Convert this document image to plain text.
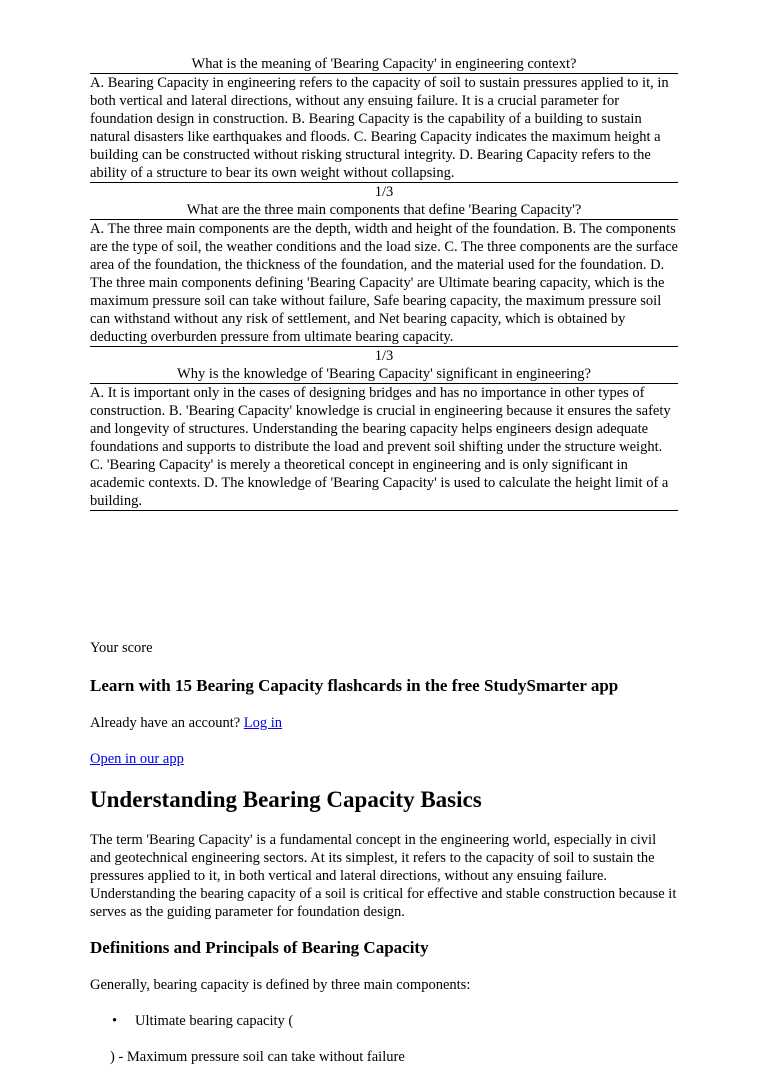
What is the meaning of 'Bearing Capacity' in engineering context?
A. Bearing Capacity in engineering refers to the capacity of soil to sustain pressures applied to it, in both vertical and lateral directions, without any ensuing failure. It is a crucial parameter for foundation design in construction. B. Bearing Capacity is the capability of a building to sustain natural disasters like earthquakes and floods. C. Bearing Capacity indicates the maximum height a building can be constructed without risking structural integrity. D. Bearing Capacity refers to the ability of a structure to bear its own weight without collapsing.
1/3
What are the three main components that define 'Bearing Capacity'?
A. The three main components are the depth, width and height of the foundation. B. The components are the type of soil, the weather conditions and the load size. C. The three components are the surface area of the foundation, the thickness of the foundation, and the material used for the foundation. D. The three main components defining 'Bearing Capacity' are Ultimate bearing capacity, which is the maximum pressure soil can take without failure, Safe bearing capacity, the maximum pressure soil can withstand without any risk of settlement, and Net bearing capacity, which is obtained by deducting overburden pressure from ultimate bearing capacity.
1/3
Why is the knowledge of 'Bearing Capacity' significant in engineering?
A. It is important only in the cases of designing bridges and has no importance in other types of construction. B. 'Bearing Capacity' knowledge is crucial in engineering because it ensures the safety and longevity of structures. Understanding the bearing capacity helps engineers design adequate foundations and supports to distribute the load and prevent soil shifting under the structure weight. C. 'Bearing Capacity' is merely a theoretical concept in engineering and is only significant in academic contexts. D. The knowledge of 'Bearing Capacity' is used to calculate the height limit of a building.
Your score
Learn with 15 Bearing Capacity flashcards in the free StudySmarter app
Already have an account? Log in
Open in our app
Understanding Bearing Capacity Basics
The term 'Bearing Capacity' is a fundamental concept in the engineering world, especially in civil and geotechnical engineering sectors. At its simplest, it refers to the capacity of soil to sustain the pressures applied to it, in both vertical and lateral directions, without any ensuing failure. Understanding the bearing capacity of a soil is critical for effective and stable construction because it serves as the guiding parameter for foundation design.
Definitions and Principals of Bearing Capacity
Generally, bearing capacity is defined by three main components:
• Ultimate bearing capacity (
) - Maximum pressure soil can take without failure
